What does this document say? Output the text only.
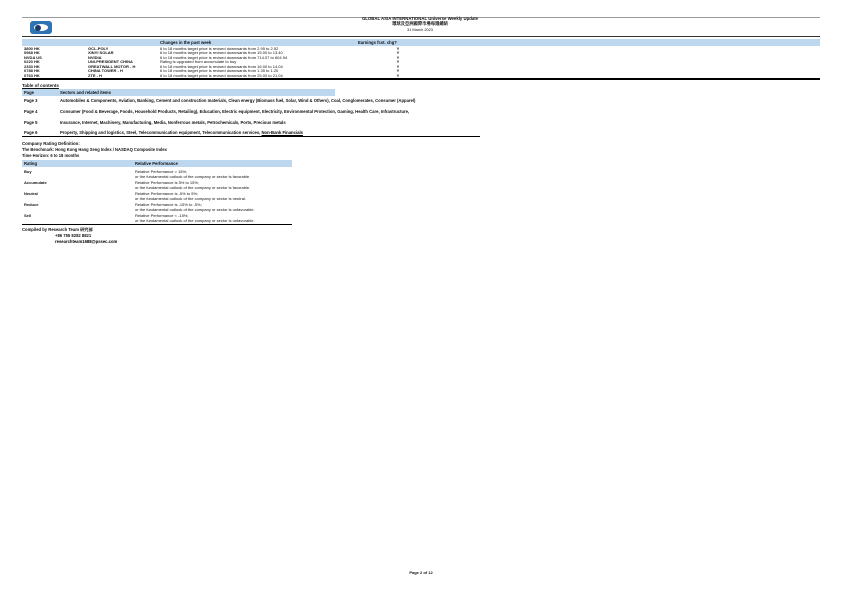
GLOBAL ASIA INTERNATIONAL Universe Weekly Update
環球及亞洲國際市場每週總結
31 March 2023
Changes in the past week	Earnings fcst. chg?
3800 HK	GCL-POLY	6 to 18 months target price is revised downwards from 2.95 to 2.52	Y
0968 HK	XINYI SOLAR	6 to 18 months target price is revised downwards from 15.00 to 13.40	Y
NVDA US	NVIDIA	6 to 18 months target price is revised downwards from 714.07 to 604.94	Y
0220 HK	UNI-PRESIDENT CHINA	Rating is upgraded from accumulate to buy	Y
2333 HK	GREATWALL MOTOR - H	6 to 18 months target price is revised downwards from 16.00 to 14.04	Y
0788 HK	CHINA TOWER - H	6 to 18 months target price is revised downwards from 1.35 to 1.20	Y
0763 HK	ZTE - H	6 to 18 months target price is revised downwards from 25.00 to 21.04	Y
Table of contents
Page	Sectors and related items
Page 3	Automobiles & Components, Aviation, Banking, Cement and construction materials, Clean energy (Biomass fuel, Solar, Wind & Others), Coal, Conglomerates, Consumer (Apparel)
Page 4	Consumer (Food & Beverage, Foods, Household Products, Retailing), Education, Electric equipment, Electricity, Environmental Protection, Gaming, Health Care, Infrastructure,
Page 5	Insurance, Internet, Machinery, Manufacturing, Media, Nonferrous metals, Petrochemicals, Ports, Precious metals
Page 6	Property, Shipping and logistics, Steel, Telecommunication equipment, Telecommunication services, Non-Bank Financials
Company Rating Definition:
The Benchmark: Hong Kong Hang Seng Index / NASDAQ Composite Index
Time Horizon: 6 to 18 months
Rating	Relative Performance
Buy	Relative Performance > 15%;
or the fundamental outlook of the company or sector is favorable.
Accumulate	Relative Performance is 5% to 15%;
or the fundamental outlook of the company or sector is favorable.
Neutral	Relative Performance is -5% to 5%;
or the fundamental outlook of the company or sector is neutral.
Reduce	Relative Performance is -15% to -5%;
or the fundamental outlook of the company or sector is unfavorable.
Sell	Relative Performance < -15%;
or the fundamental outlook of the company or sector is unfavorable.
Compiled by Research Team 研究部
+86 755 8282 8821
researchteam1688@pssec.com
Page 2 of 12
